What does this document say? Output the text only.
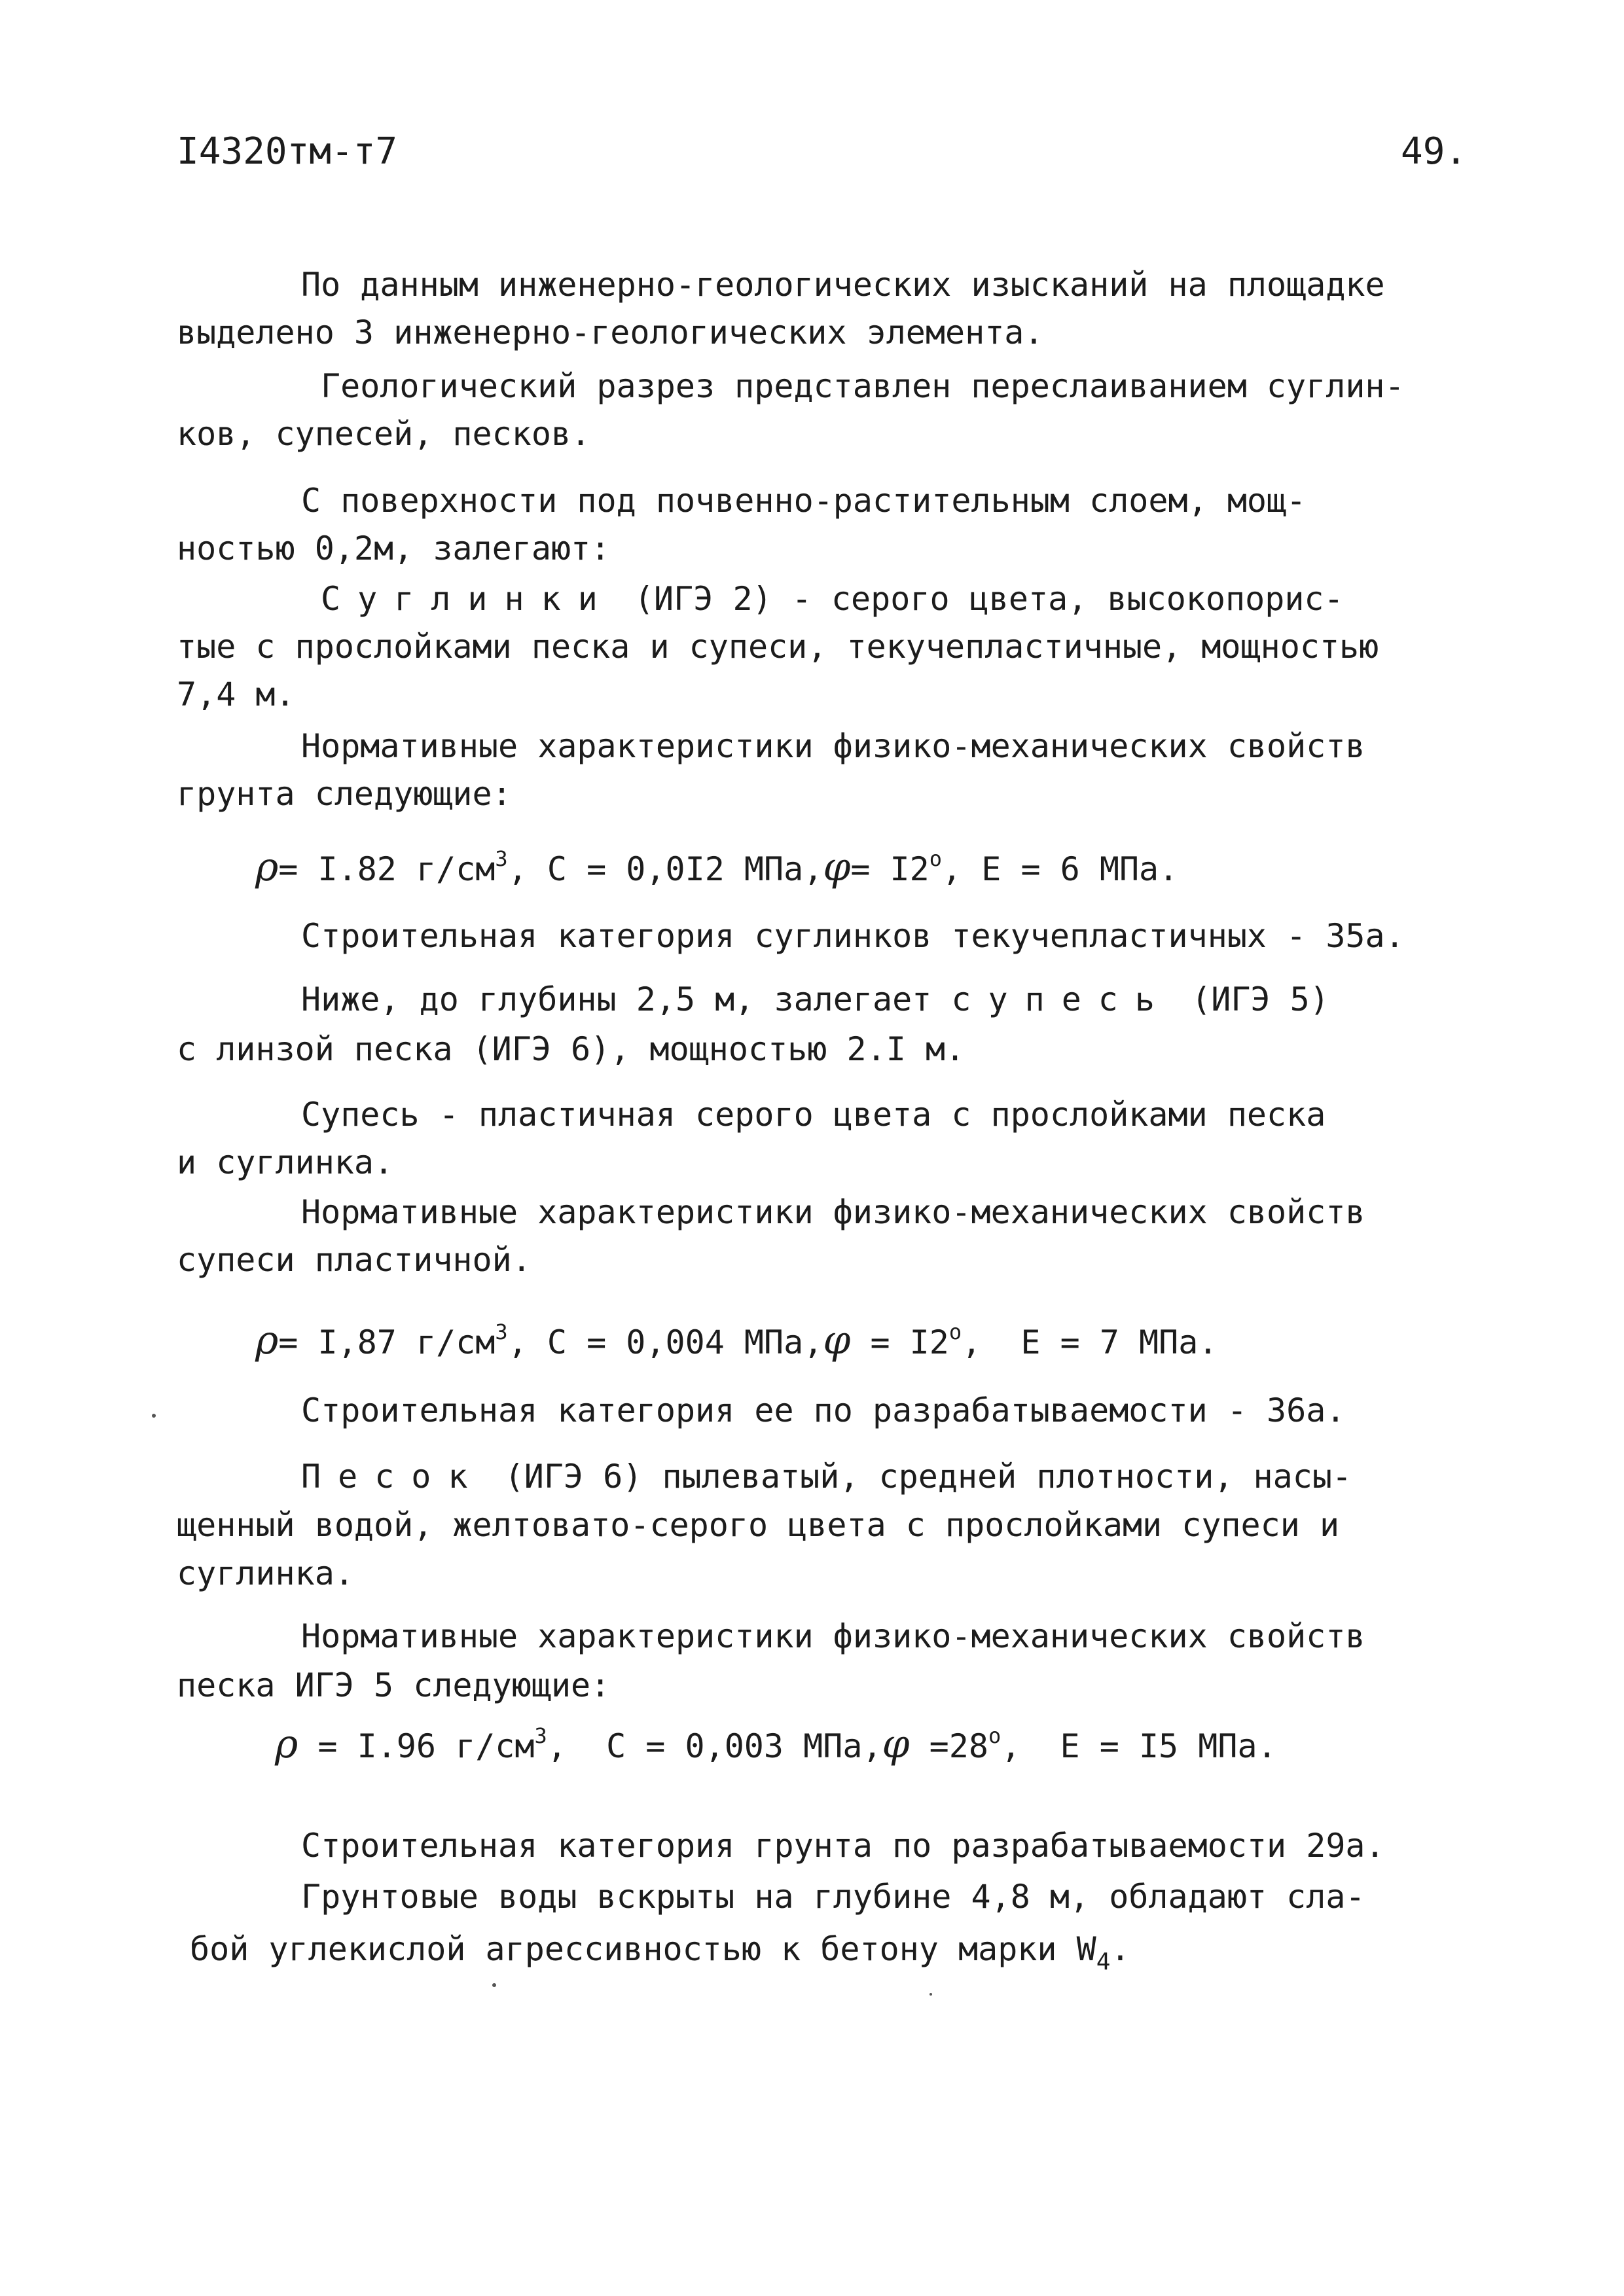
I4320тм-т7	49.
По данным инженерно-геологических изысканий на площадке
выделено 3 инженерно-геологических элемента.
Геологический разрез представлен переслаиванием суглин-
ков, супесей, песков.
С поверхности под почвенно-растительным слоем, мощ-
ностью 0,2м, залегают:
Суглинки (ИГЭ 2) - серого цвета, высокопорис-
тые с прослойками песка и супеси, текучепластичные, мощностью
7,4 м.
Нормативные характеристики физико-механических свойств
грунта следующие:
ρ= I.82 $г/см^3$, С = 0,0I2 $МПа,\varphi= I2^o$, Е = 6 МПа.
Строительная категория суглинков текучепластичных - 35а.
Ниже, до глубины 2,5 м, залегает супесь (ИГЭ 5)
с линзой песка (ИГЭ 6), мощностью 2.I м.
Супесь - пластичная серого цвета с прослойками песка
и суглинка.
Нормативные характеристики физико-механических свойств
супеси пластичной.
ρ= I,87 $г/см^3$, С = 0,004 $МПа,\varphi = I2^o$,  Е = 7 МПа.
Строительная категория ее по разрабатываемости - 36а.
Песок (ИГЭ 6) пылеватый, средней плотности, насы-
щенный водой, желтовато-серого цвета с прослойками супеси и
суглинка.
Нормативные характеристики физико-механических свойств
песка ИГЭ 5 следующие:
ρ = I.96 $г/см^3$,  С = 0,003 $МПа,\varphi =28^o$,  Е = I5 МПа.
Строительная категория грунта по разрабатываемости 29а.
Грунтовые воды вскрыты на глубине 4,8 м, обладают сла-
бой углекислой агрессивностью к бетону марки $W_4$.
